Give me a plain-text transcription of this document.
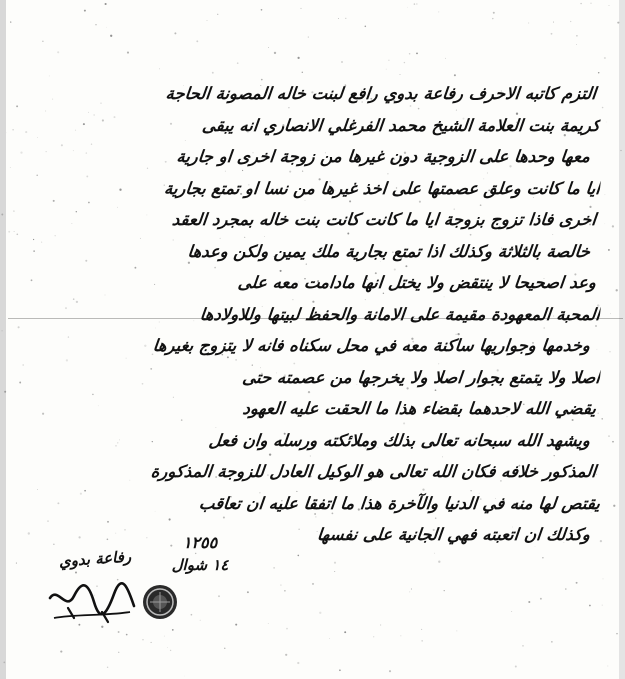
التزم كاتبه الاحرف رفاعة بدوي رافع لبنت خاله المصونة الحاجة
كريمة بنت العلامة الشيخ محمد الفرغلي الانصاري انه يبقى
معها وحدها على الزوجية دون غيرها من زوجة اخرى او جارية
ايا ما كانت وعلق عصمتها على اخذ غيرها من نسا او تمتع بجارية
اخرى فاذا تزوج بزوجة ايا ما كانت كانت بنت خاله بمجرد العقد
خالصة بالثلاثة وكذلك اذا تمتع بجارية ملك يمين ولكن وعدها
وعد اصحيحا لا ينتقض ولا يختل انها مادامت معه على
المحبة المعهودة مقيمة على الامانة والحفظ لبيتها وللاولادها
وخدمها وجواريها ساكنة معه في محل سكناه فانه لا يتزوج بغيرها
اصلا ولا يتمتع بجوار اصلا ولا يخرجها من عصمته حتى
يقضي الله لاحدهما بقضاء هذا ما الحقت عليه العهود
ويشهد الله سبحانه تعالى بذلك وملائكته ورسله وان فعل
المذكور خلافه فكان الله تعالى هو الوكيل العادل للزوجة المذكورة
يقتص لها منه في الدنيا والآخرة هذا ما اتفقا عليه ان تعاقب
وكذلك ان اتعبته فهي الجانية على نفسها
١٢٥٥
١٤ شوال
رفاعة بدوي
